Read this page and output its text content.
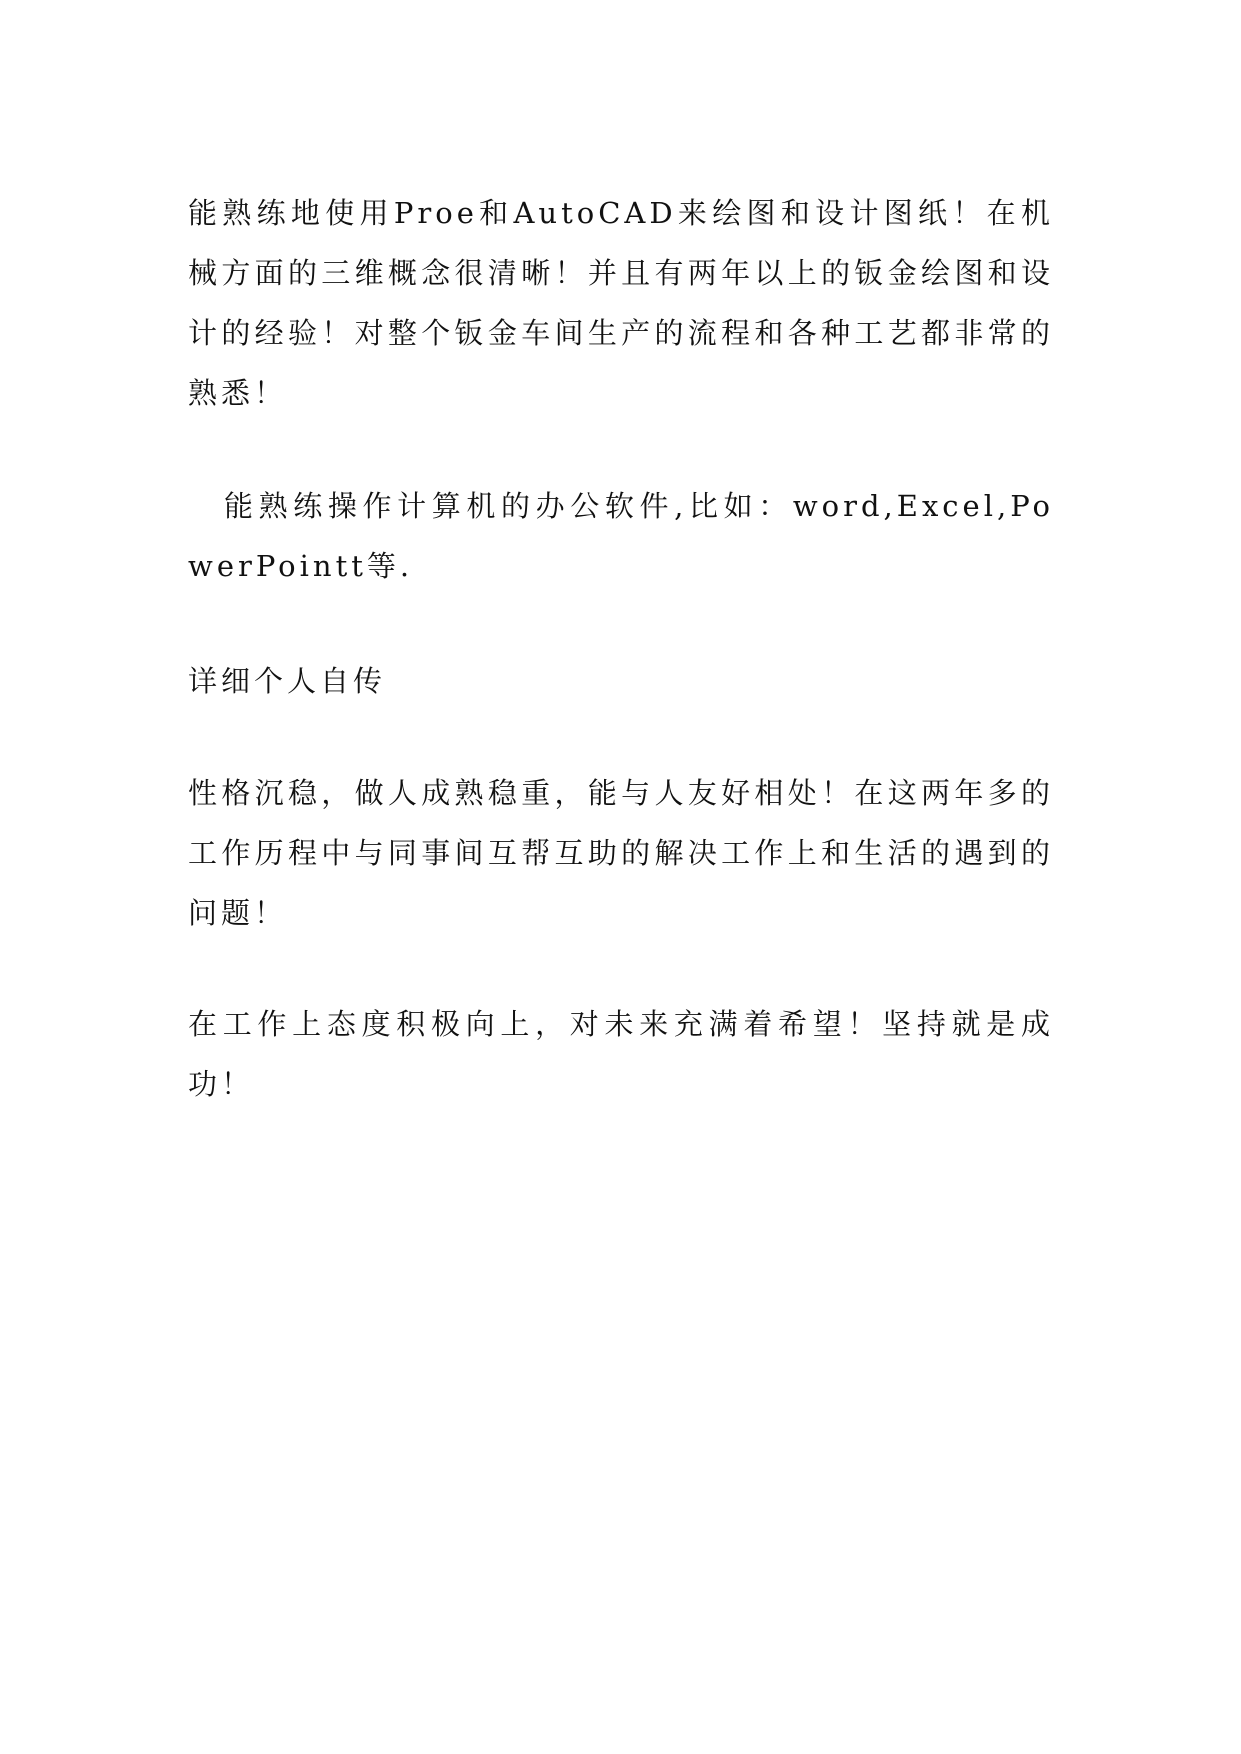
能熟练地使用Proe和AutoCAD来绘图和设计图纸！在机械方面的三维概念很清晰！并且有两年以上的钣金绘图和设计的经验！对整个钣金车间生产的流程和各种工艺都非常的熟悉！

能熟练操作计算机的办公软件,比如：word,Excel,PowerPointt等.

详细个人自传

性格沉稳，做人成熟稳重，能与人友好相处！在这两年多的工作历程中与同事间互帮互助的解决工作上和生活的遇到的问题！

在工作上态度积极向上，对未来充满着希望！坚持就是成功！
